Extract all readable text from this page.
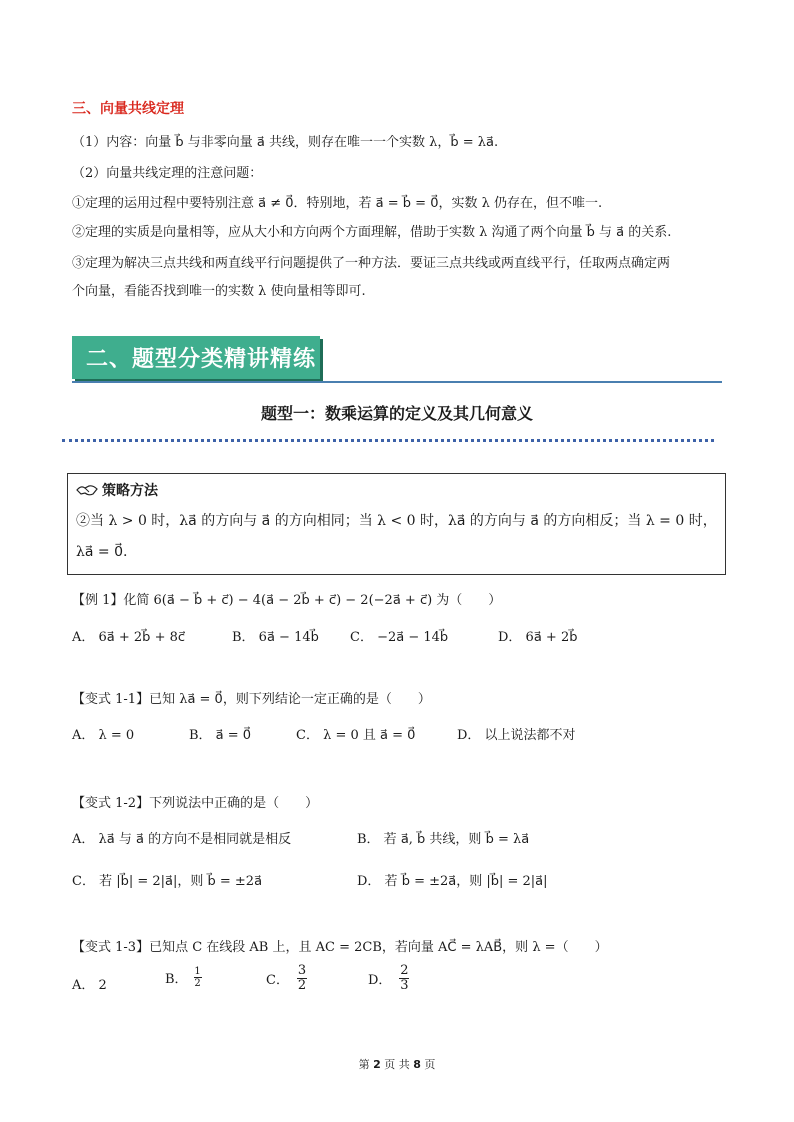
三、向量共线定理
（1）内容：向量 b⃗ 与非零向量 a⃗ 共线，则存在唯一一个实数 λ，b⃗ = λa⃗.
（2）向量共线定理的注意问题：
①定理的运用过程中要特别注意 a⃗ ≠ 0⃗．特别地，若 a⃗ = b⃗ = 0⃗，实数 λ 仍存在，但不唯一.
②定理的实质是向量相等，应从大小和方向两个方面理解，借助于实数 λ 沟通了两个向量 b⃗ 与 a⃗ 的关系.
③定理为解决三点共线和两直线平行问题提供了一种方法．要证三点共线或两直线平行，任取两点确定两
个向量，看能否找到唯一的实数 λ 使向量相等即可.
二、题型分类精讲精练
题型一：数乘运算的定义及其几何意义
策略方法
②当 λ > 0 时，λa⃗ 的方向与 a⃗ 的方向相同；当 λ < 0 时，λa⃗ 的方向与 a⃗ 的方向相反；当 λ = 0 时，
λa⃗ = 0⃗.
【例 1】化简 6(a⃗ − b⃗ + c⃗) − 4(a⃗ − 2b⃗ + c⃗) − 2(−2a⃗ + c⃗) 为（　　）
A． 6a⃗ + 2b⃗ + 8c⃗	B． 6a⃗ − 14b⃗ C． −2a⃗ − 14b⃗	D． 6a⃗ + 2b⃗
【变式 1-1】已知 λa⃗ = 0⃗，则下列结论一定正确的是（　　）
A． λ = 0	B． a⃗ = 0⃗	C． λ = 0 且 a⃗ = 0⃗	D． 以上说法都不对
【变式 1-2】下列说法中正确的是（　　）
A． λa⃗ 与 a⃗ 的方向不是相同就是相反	B． 若 a⃗, b⃗ 共线，则 b⃗ = λa⃗
C． 若 |b⃗| = 2|a⃗|，则 b⃗ = ±2a⃗	D． 若 b⃗ = ±2a⃗，则 |b⃗| = 2|a⃗|
【变式 1-3】已知点 C 在线段 AB 上，且 AC = 2CB，若向量 AC⃗ = λAB⃗，则 λ =（　　）
A． 2	B．
1
2	C．
3
2	D．
2
3
第 2 页 共 8 页
